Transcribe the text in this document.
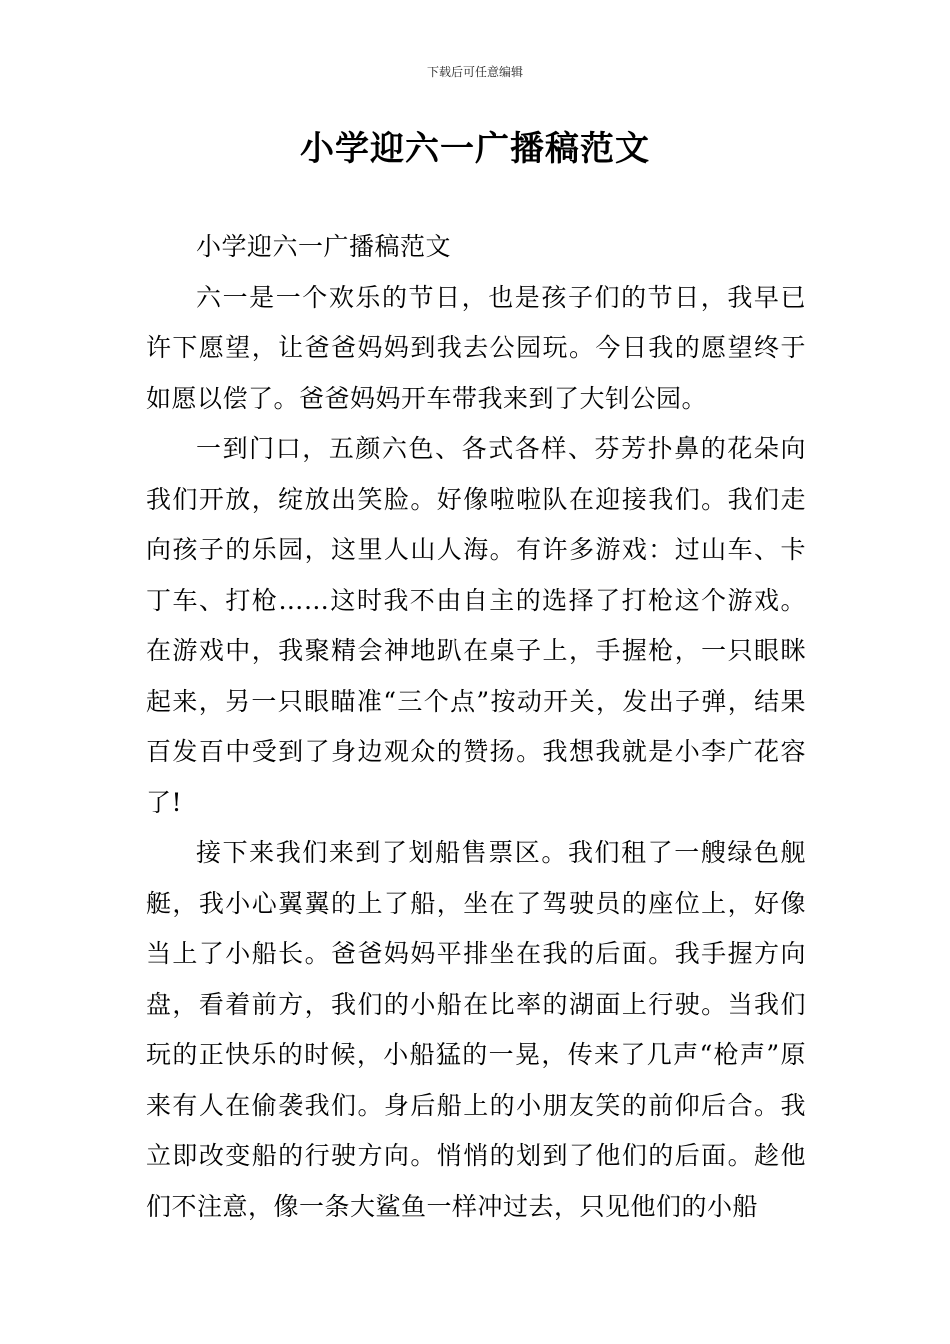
下载后可任意编辑
小学迎六一广播稿范文

小学迎六一广播稿范文

六一是一个欢乐的节日，也是孩子们的节日，我早已许下愿望，让爸爸妈妈到我去公园玩。今日我的愿望终于如愿以偿了。爸爸妈妈开车带我来到了大钊公园。

一到门口，五颜六色、各式各样、芬芳扑鼻的花朵向我们开放，绽放出笑脸。好像啦啦队在迎接我们。我们走向孩子的乐园，这里人山人海。有许多游戏：过山车、卡丁车、打枪……这时我不由自主的选择了打枪这个游戏。在游戏中，我聚精会神地趴在桌子上，手握枪，一只眼眯起来，另一只眼瞄准“三个点”按动开关，发出子弹，结果百发百中受到了身边观众的赞扬。我想我就是小李广花容了!

接下来我们来到了划船售票区。我们租了一艘绿色舰艇，我小心翼翼的上了船，坐在了驾驶员的座位上，好像当上了小船长。爸爸妈妈平排坐在我的后面。我手握方向盘，看着前方，我们的小船在比率的湖面上行驶。当我们玩的正快乐的时候，小船猛的一晃，传来了几声“枪声”原来有人在偷袭我们。身后船上的小朋友笑的前仰后合。我立即改变船的行驶方向。悄悄的划到了他们的后面。趁他们不注意，像一条大鲨鱼一样冲过去，只见他们的小船
